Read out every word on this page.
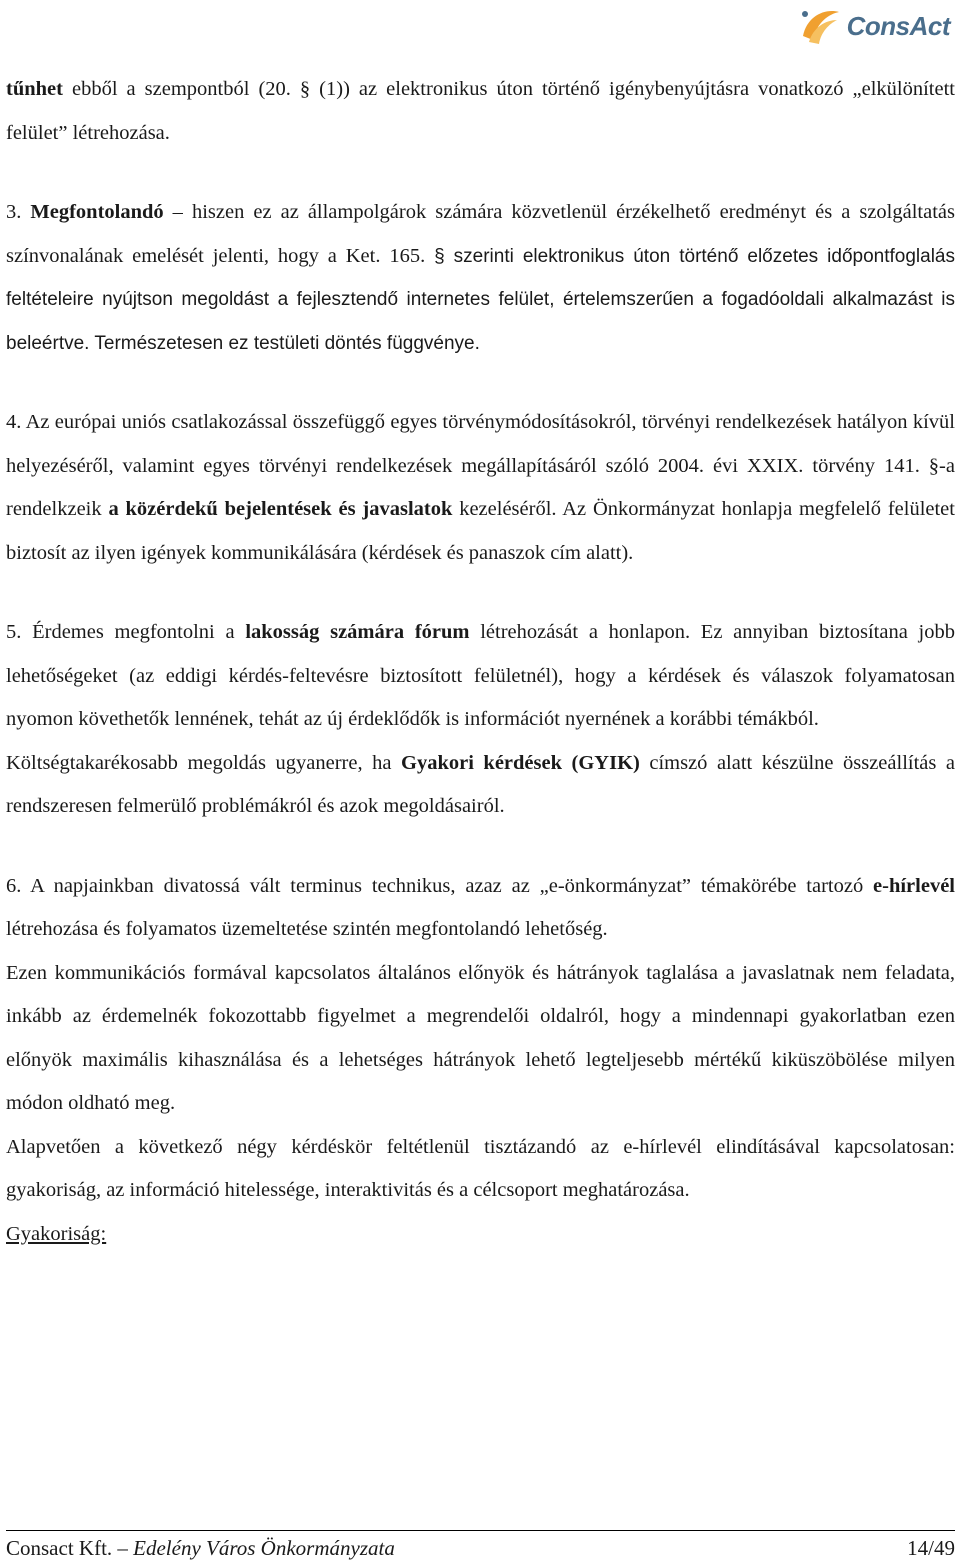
ConsAct

tűnhet ebből a szempontból (20. § (1)) az elektronikus úton történő igénybenyújtásra vonatkozó „elkülönített felület” létrehozása.

3. Megfontolandó – hiszen ez az állampolgárok számára közvetlenül érzékelhető eredményt és a szolgáltatás színvonalának emelését jelenti, hogy a Ket. 165. § szerinti elektronikus úton történő előzetes időpontfoglalás feltételeire nyújtson megoldást a fejlesztendő internetes felület, értelemszerűen a fogadóoldali alkalmazást is beleértve. Természetesen ez testületi döntés függvénye.

4. Az európai uniós csatlakozással összefüggő egyes törvénymódosításokról, törvényi rendelkezések hatályon kívül helyezéséről, valamint egyes törvényi rendelkezések megállapításáról szóló 2004. évi XXIX. törvény 141. §-a rendelkzeik a közérdekű bejelentések és javaslatok kezeléséről. Az Önkormányzat honlapja megfelelő felületet biztosít az ilyen igények kommunikálására (kérdések és panaszok cím alatt).

5. Érdemes megfontolni a lakosság számára fórum létrehozását a honlapon. Ez annyiban biztosítana jobb lehetőségeket (az eddigi kérdés-feltevésre biztosított felületnél), hogy a kérdések és válaszok folyamatosan nyomon követhetők lennének, tehát az új érdeklődők is információt nyernének a korábbi témákból.

Költségtakarékosabb megoldás ugyanerre, ha Gyakori kérdések (GYIK) címszó alatt készülne összeállítás a rendszeresen felmerülő problémákról és azok megoldásairól.

6. A napjainkban divatossá vált terminus technikus, azaz az „e-önkormányzat” témakörébe tartozó e-hírlevél létrehozása és folyamatos üzemeltetése szintén megfontolandó lehetőség.

Ezen kommunikációs formával kapcsolatos általános előnyök és hátrányok taglalása a javaslatnak nem feladata, inkább az érdemelnék fokozottabb figyelmet a megrendelői oldalról, hogy a mindennapi gyakorlatban ezen előnyök maximális kihasználása és a lehetséges hátrányok lehető legteljesebb mértékű kiküszöbölése milyen módon oldható meg.

Alapvetően a következő négy kérdéskör feltétlenül tisztázandó az e-hírlevél elindításával kapcsolatosan: gyakoriság, az információ hitelessége, interaktivitás és a célcsoport meghatározása.

Gyakoriság:

Consact Kft. – Edelény Város Önkormányzata	14/49
